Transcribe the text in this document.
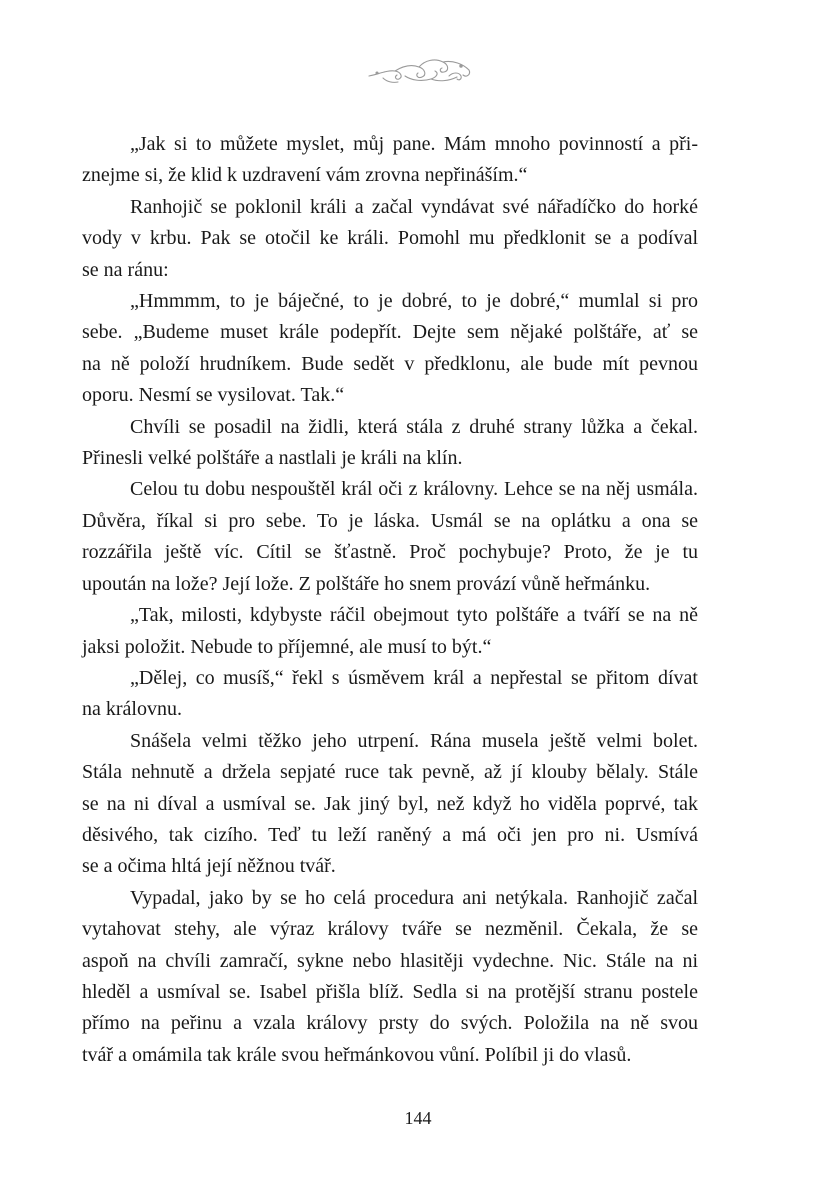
„Jak si to můžete myslet, můj pane. Mám mnoho povinností a při-
znejme si, že klid k uzdravení vám zrovna nepřináším.“

Ranhojič se poklonil králi a začal vyndávat své nářadíčko do horké
vody v krbu. Pak se otočil ke králi. Pomohl mu předklonit se a podíval
se na ránu:

„Hmmmm, to je báječné, to je dobré, to je dobré,“ mumlal si pro
sebe. „Budeme muset krále podepřít. Dejte sem nějaké polštáře, ať se
na ně položí hrudníkem. Bude sedět v předklonu, ale bude mít pevnou
oporu. Nesmí se vysilovat. Tak.“

Chvíli se posadil na židli, která stála z druhé strany lůžka a čekal.
Přinesli velké polštáře a nastlali je králi na klín.

Celou tu dobu nespouštěl král oči z královny. Lehce se na něj usmála.
Důvěra, říkal si pro sebe. To je láska. Usmál se na oplátku a ona se
rozzářila ještě víc. Cítil se šťastně. Proč pochybuje? Proto, že je tu
upoután na lože? Její lože. Z polštáře ho snem provází vůně heřmánku.

„Tak, milosti, kdybyste ráčil obejmout tyto polštáře a tváří se na ně
jaksi položit. Nebude to příjemné, ale musí to být.“

„Dělej, co musíš,“ řekl s úsměvem král a nepřestal se přitom dívat
na královnu.

Snášela velmi těžko jeho utrpení. Rána musela ještě velmi bolet.
Stála nehnutě a držela sepjaté ruce tak pevně, až jí klouby bělaly. Stále
se na ni díval a usmíval se. Jak jiný byl, než když ho viděla poprvé, tak
děsivého, tak cizího. Teď tu leží raněný a má oči jen pro ni. Usmívá
se a očima hltá její něžnou tvář.

Vypadal, jako by se ho celá procedura ani netýkala. Ranhojič začal
vytahovat stehy, ale výraz královy tváře se nezměnil. Čekala, že se
aspoň na chvíli zamračí, sykne nebo hlasitěji vydechne. Nic. Stále na ni
hleděl a usmíval se. Isabel přišla blíž. Sedla si na protější stranu postele
přímo na peřinu a vzala královy prsty do svých. Položila na ně svou
tvář a omámila tak krále svou heřmánkovou vůní. Políbil ji do vlasů.

144
